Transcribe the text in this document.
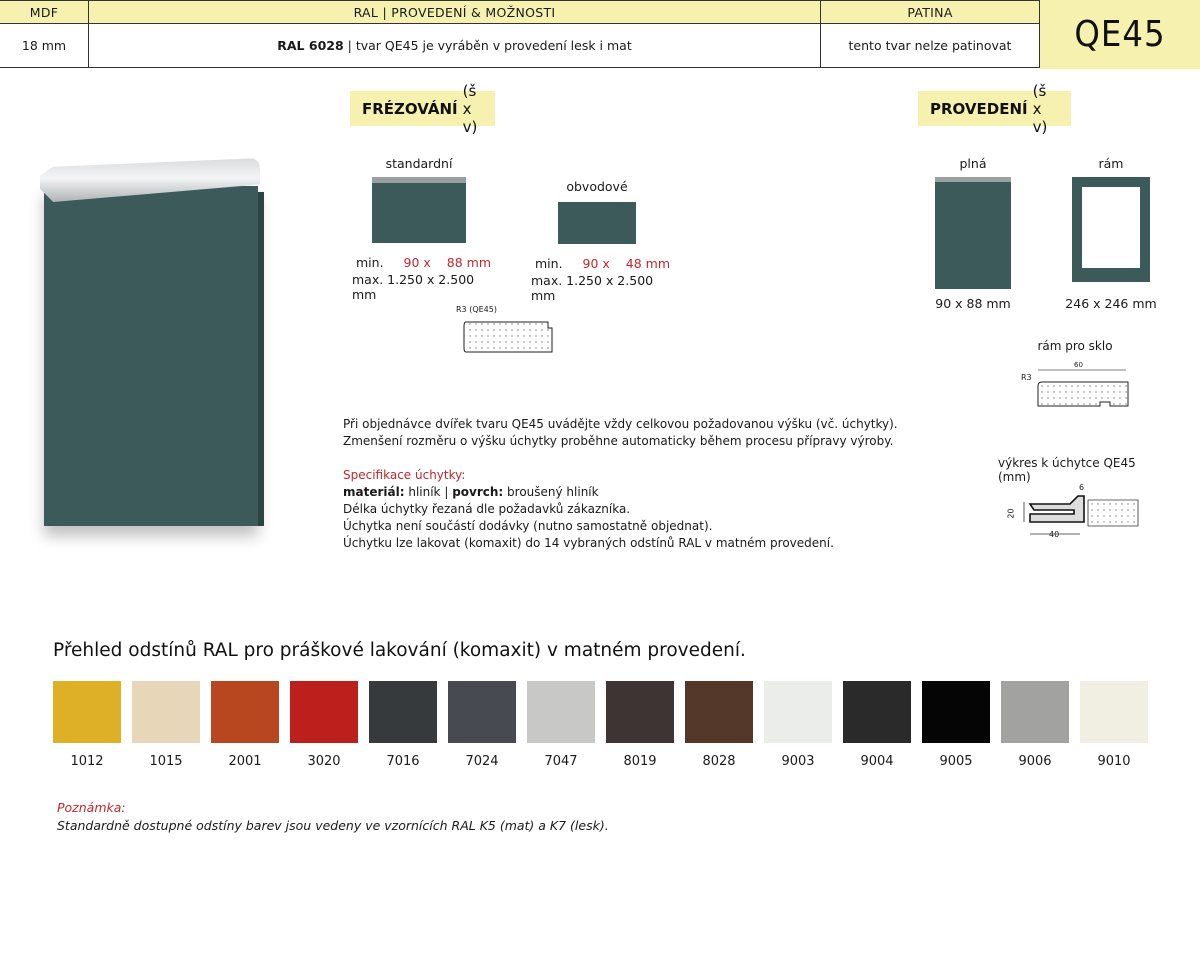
MDF	RAL | PROVEDENÍ & MOŽNOSTI	PATINA
18 mm	RAL 6028 | tvar QE45 je vyráběn v provedení lesk i mat	tento tvar nelze patinovat	QE45
FRÉZOVÁNÍ
(š x v)
standardní
min. 90 x 88 mm
max. 1.250 x 2.500 mm
obvodové
min. 90 x 48 mm
max. 1.250 x 2.500 mm
R3 (QE45)
PROVEDENÍ
(š x v)
plná
90 x 88 mm
rám
246 x 246 mm
rám pro sklo
R3
60
výkres k úchytce QE45 (mm)
6
20
40
Při objednávce dvířek tvaru QE45 uvádějte vždy celkovou požadovanou výšku (vč. úchytky).
Zmenšení rozměru o výšku úchytky proběhne automaticky během procesu přípravy výroby.
Specifikace úchytky:
materiál: hliník | povrch: broušený hliník
Délka úchytky řezaná dle požadavků zákazníka.
Úchytka není součástí dodávky (nutno samostatně objednat).
Úchytku lze lakovat (komaxit) do 14 vybraných odstínů RAL v matném provedení.
Přehled odstínů RAL pro práškové lakování (komaxit) v matném provedení.
1012	1015	2001	3020	7016	7024	7047	8019	8028	9003	9004	9005	9006	9010
Poznámka:
Standardně dostupné odstíny barev jsou vedeny ve vzornících RAL K5 (mat) a K7 (lesk).
